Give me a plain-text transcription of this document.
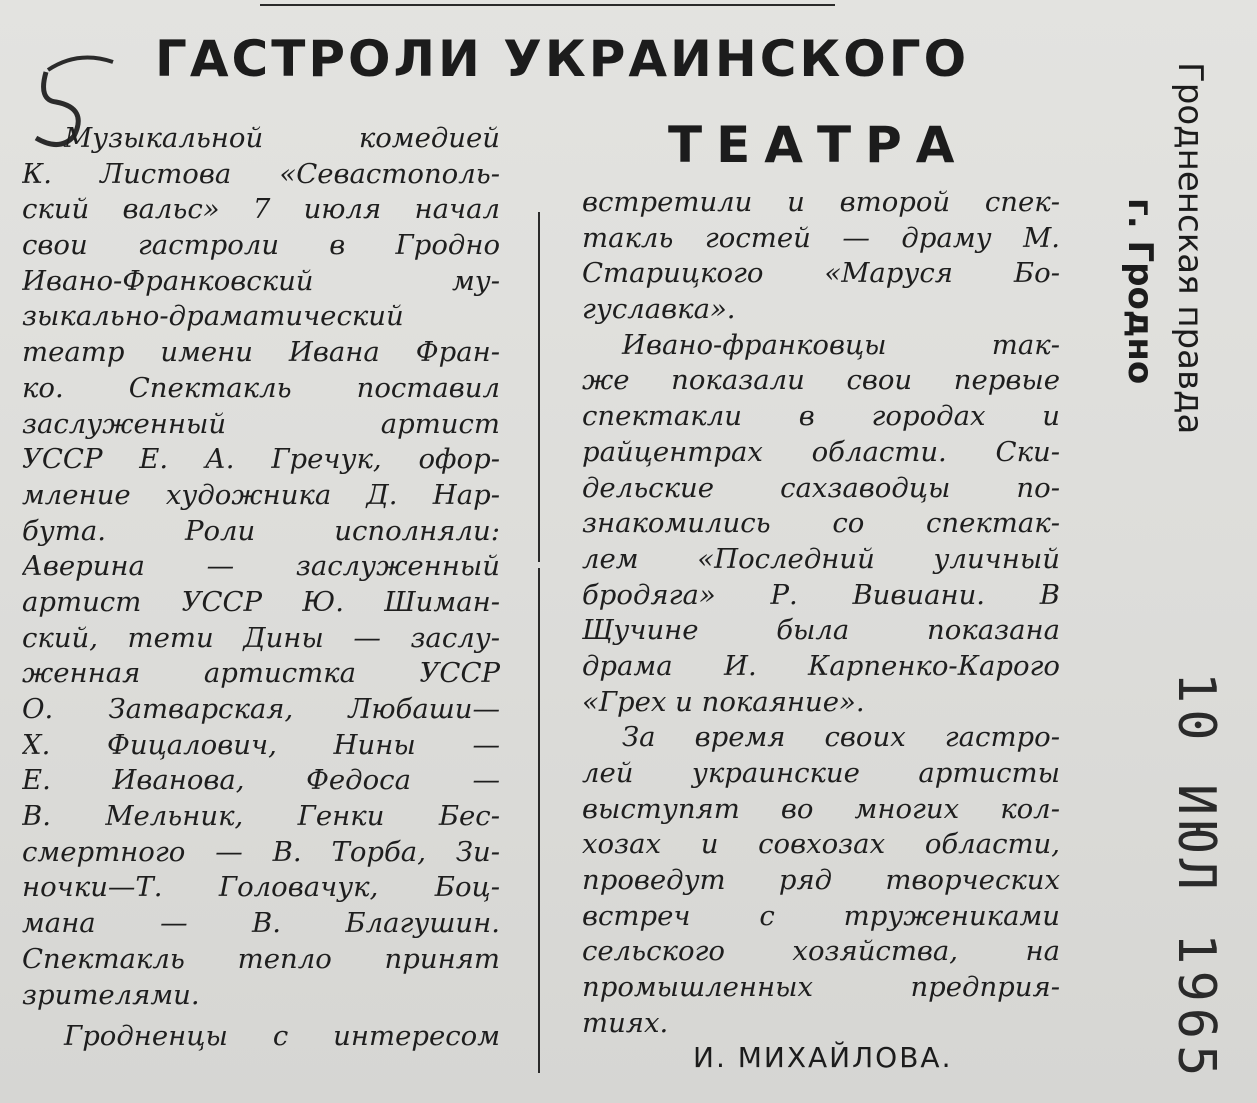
ГАСТРОЛИ УКРАИНСКОГО
ТЕАТРА
Музыкальной комедией
К. Листова «Севастополь-
ский вальс» 7 июля начал
свои гастроли в Гродно
Ивано-Франковский му-
зыкально-драматический
театр имени Ивана Фран-
ко. Спектакль поставил
заслуженный артист
УССР Е. А. Гречук, офор-
мление художника Д. Нар-
бута. Роли исполняли:
Аверина — заслуженный
артист УССР Ю. Шиман-
ский, тети Дины — заслу-
женная артистка УССР
О. Затварская, Любаши—
Х. Фицалович, Нины —
Е. Иванова, Федоса —
В. Мельник, Генки Бес-
смертного — В. Торба, Зи-
ночки—Т. Головачук, Боц-
мана — В. Благушин.
Спектакль тепло принят
зрителями.
Гродненцы с интересом
встретили и второй спек-
такль гостей — драму М.
Старицкого «Маруся Бо-
гуславка».
Ивано-франковцы так-
же показали свои первые
спектакли в городах и
райцентрах области. Ски-
дельские сахзаводцы по-
знакомились со спектак-
лем «Последний уличный
бродяга» Р. Вивиани. В
Щучине была показана
драма И. Карпенко-Карого
«Грех и покаяние».
За время своих гастро-
лей украинские артисты
выступят во многих кол-
хозах и совхозах области,
проведут ряд творческих
встреч с тружениками
сельского хозяйства, на
промышленных предприя-
тиях.
И. МИХАЙЛОВА.
Гродненская правда
г. Гродно
10 ИЮЛ 1965
